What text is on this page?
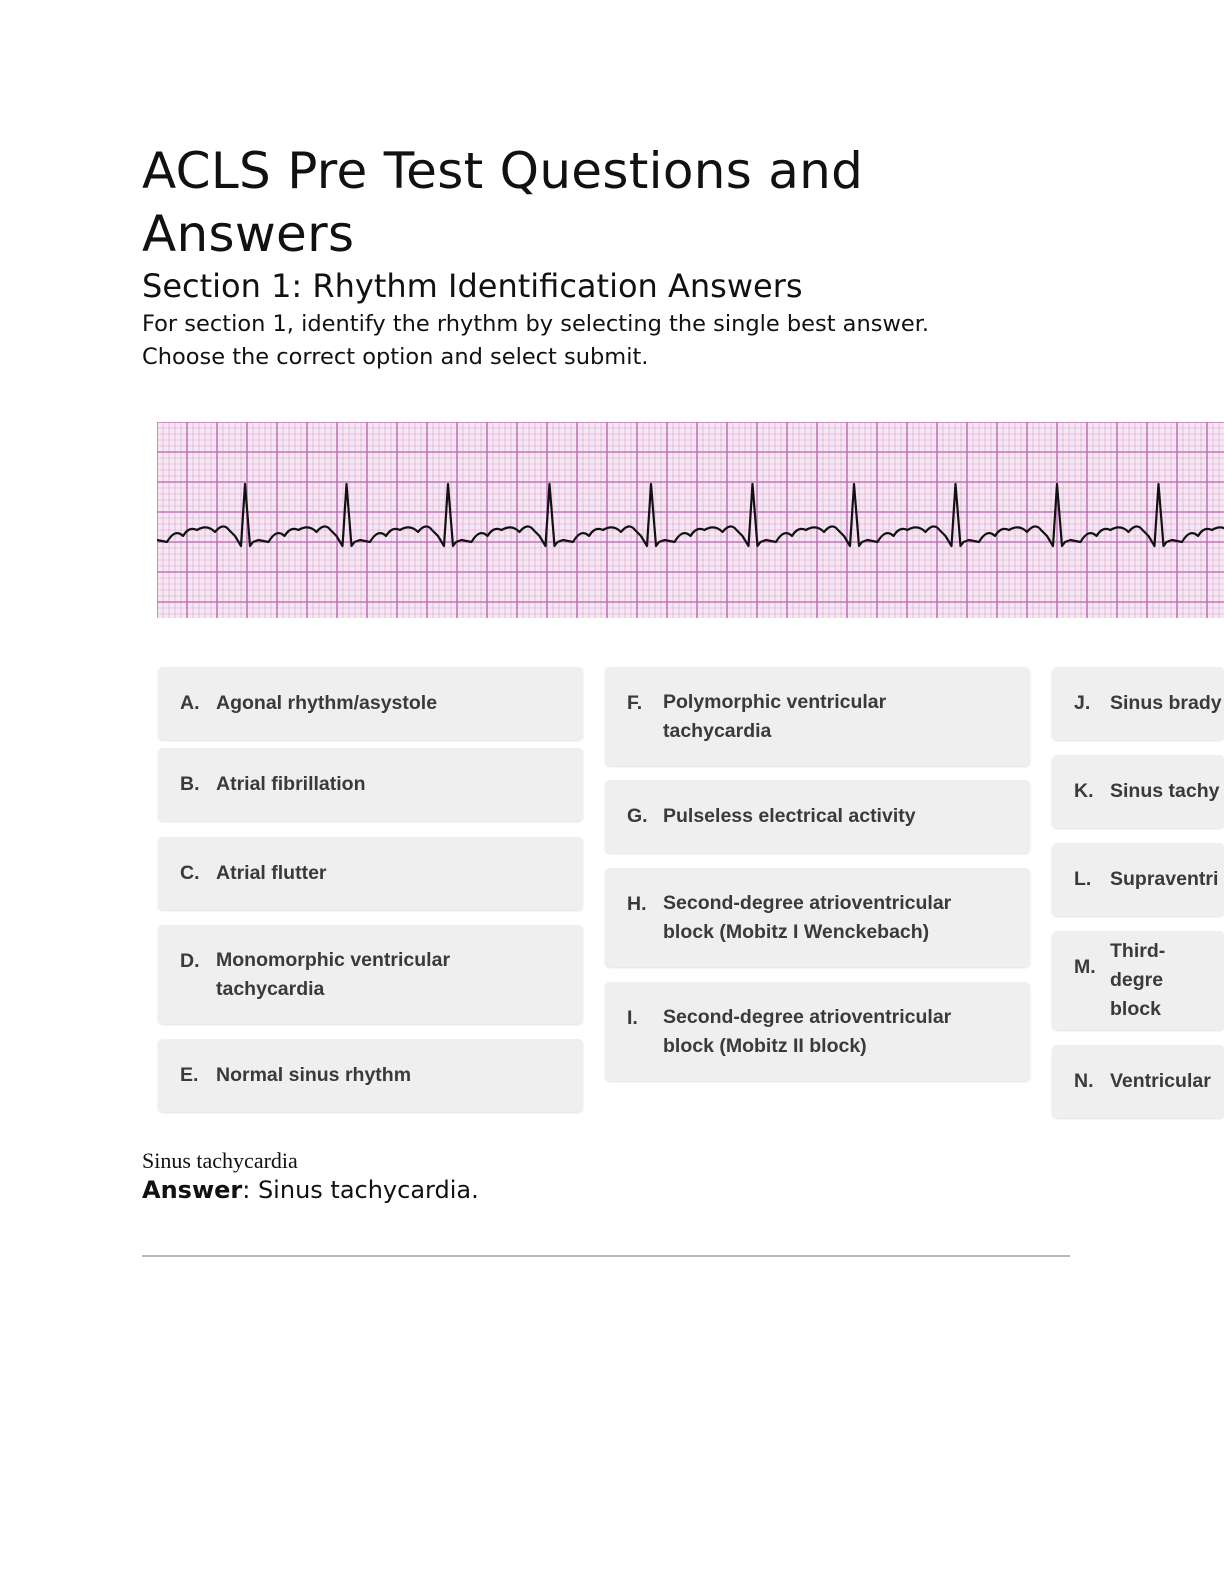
ACLS Pre Test Questions and Answers
Section 1: Rhythm Identification Answers

For section 1, identify the rhythm by selecting the single best answer.
Choose the correct option and select submit.

A. Agonal rhythm/asystole
B. Atrial fibrillation
C. Atrial flutter
D. Monomorphic ventricular
tachycardia
E. Normal sinus rhythm
F.	Polymorphic ventricular
tachycardia
G. Pulseless electrical activity
H. Second-degree atrioventricular
block (Mobitz I Wenckebach)
I.	Second-degree atrioventricular
block (Mobitz II block)
J.	Sinus brady
K. Sinus tachy
L. Supraventri
M.
Third-degre
block
N. Ventricular
Sinus tachycardia
Answer: Sinus tachycardia.
